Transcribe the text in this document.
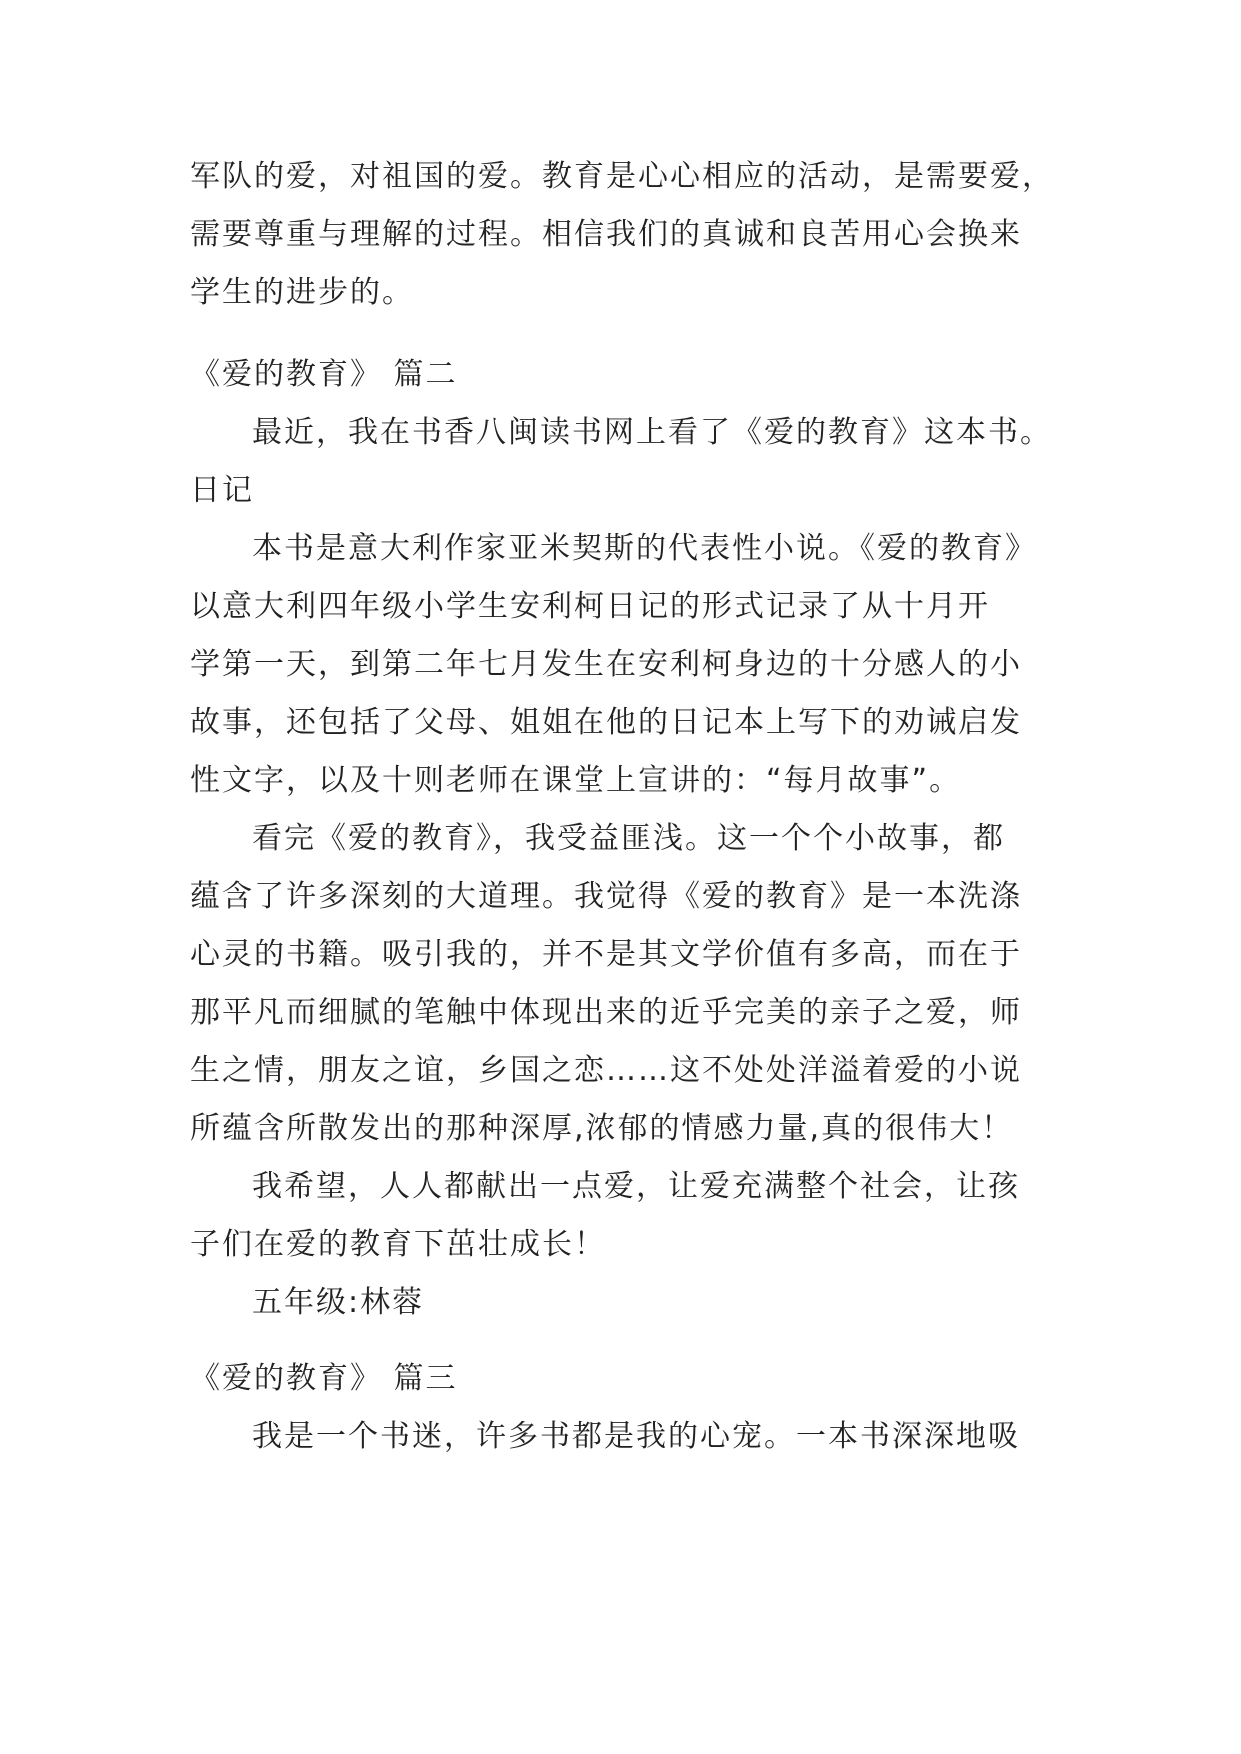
军队的爱，对祖国的爱。教育是心心相应的活动，是需要爱，
需要尊重与理解的过程。相信我们的真诚和良苦用心会换来
学生的进步的。
《爱的教育》 篇二
最近，我在书香八闽读书网上看了《爱的教育》这本书。
日记
本书是意大利作家亚米契斯的代表性小说。《爱的教育》
以意大利四年级小学生安利柯日记的形式记录了从十月开
学第一天，到第二年七月发生在安利柯身边的十分感人的小
故事，还包括了父母、姐姐在他的日记本上写下的劝诫启发
性文字，以及十则老师在课堂上宣讲的：“每月故事”。
看完《爱的教育》，我受益匪浅。这一个个小故事，都
蕴含了许多深刻的大道理。我觉得《爱的教育》是一本洗涤
心灵的书籍。吸引我的，并不是其文学价值有多高，而在于
那平凡而细腻的笔触中体现出来的近乎完美的亲子之爱，师
生之情，朋友之谊，乡国之恋……这不处处洋溢着爱的小说
所蕴含所散发出的那种深厚,浓郁的情感力量,真的很伟大！
我希望，人人都献出一点爱，让爱充满整个社会，让孩
子们在爱的教育下茁壮成长！
五年级:林蓉
《爱的教育》 篇三
我是一个书迷，许多书都是我的心宠。一本书深深地吸
